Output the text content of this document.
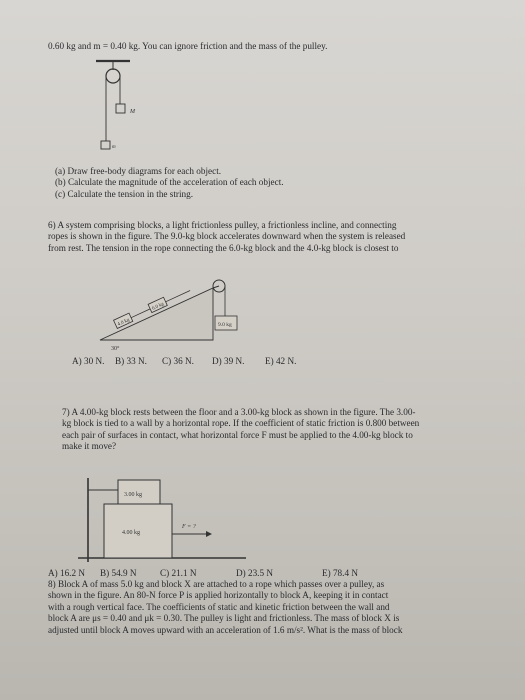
0.60 kg and m = 0.40 kg. You can ignore friction and the mass of the pulley.
M
m

(a) Draw free-body diagrams for each object.

(b) Calculate the magnitude of the acceleration of each object.

(c) Calculate the tension in the string.

6) A system comprising blocks, a light frictionless pulley, a frictionless incline, and connecting

ropes is shown in the figure. The 9.0-kg block accelerates downward when the system is released

from rest. The tension in the rope connecting the 6.0-kg block and the 4.0-kg block is closest to

30°
4.0 kg
6.0 kg
9.0 kg
A) 30 N. B) 33 N. C) 36 N. D) 39 N. E) 42 N.

7) A 4.00-kg block rests between the floor and a 3.00-kg block as shown in the figure. The 3.00-

kg block is tied to a wall by a horizontal rope. If the coefficient of static friction is 0.800 between

each pair of surfaces in contact, what horizontal force F must be applied to the 4.00-kg block to

make it move?

3.00 kg
4.00 kg
F = ?
A) 16.2 N B) 54.9 N	C) 21.1 N	D) 23.5 N	E) 78.4 N

8) Block A of mass 5.0 kg and block X are attached to a rope which passes over a pulley, as

shown in the figure. An 80-N force P is applied horizontally to block A, keeping it in contact

with a rough vertical face. The coefficients of static and kinetic friction between the wall and

block A are μs = 0.40 and μk = 0.30. The pulley is light and frictionless. The mass of block X is

adjusted until block A moves upward with an acceleration of 1.6 m/s². What is the mass of block
